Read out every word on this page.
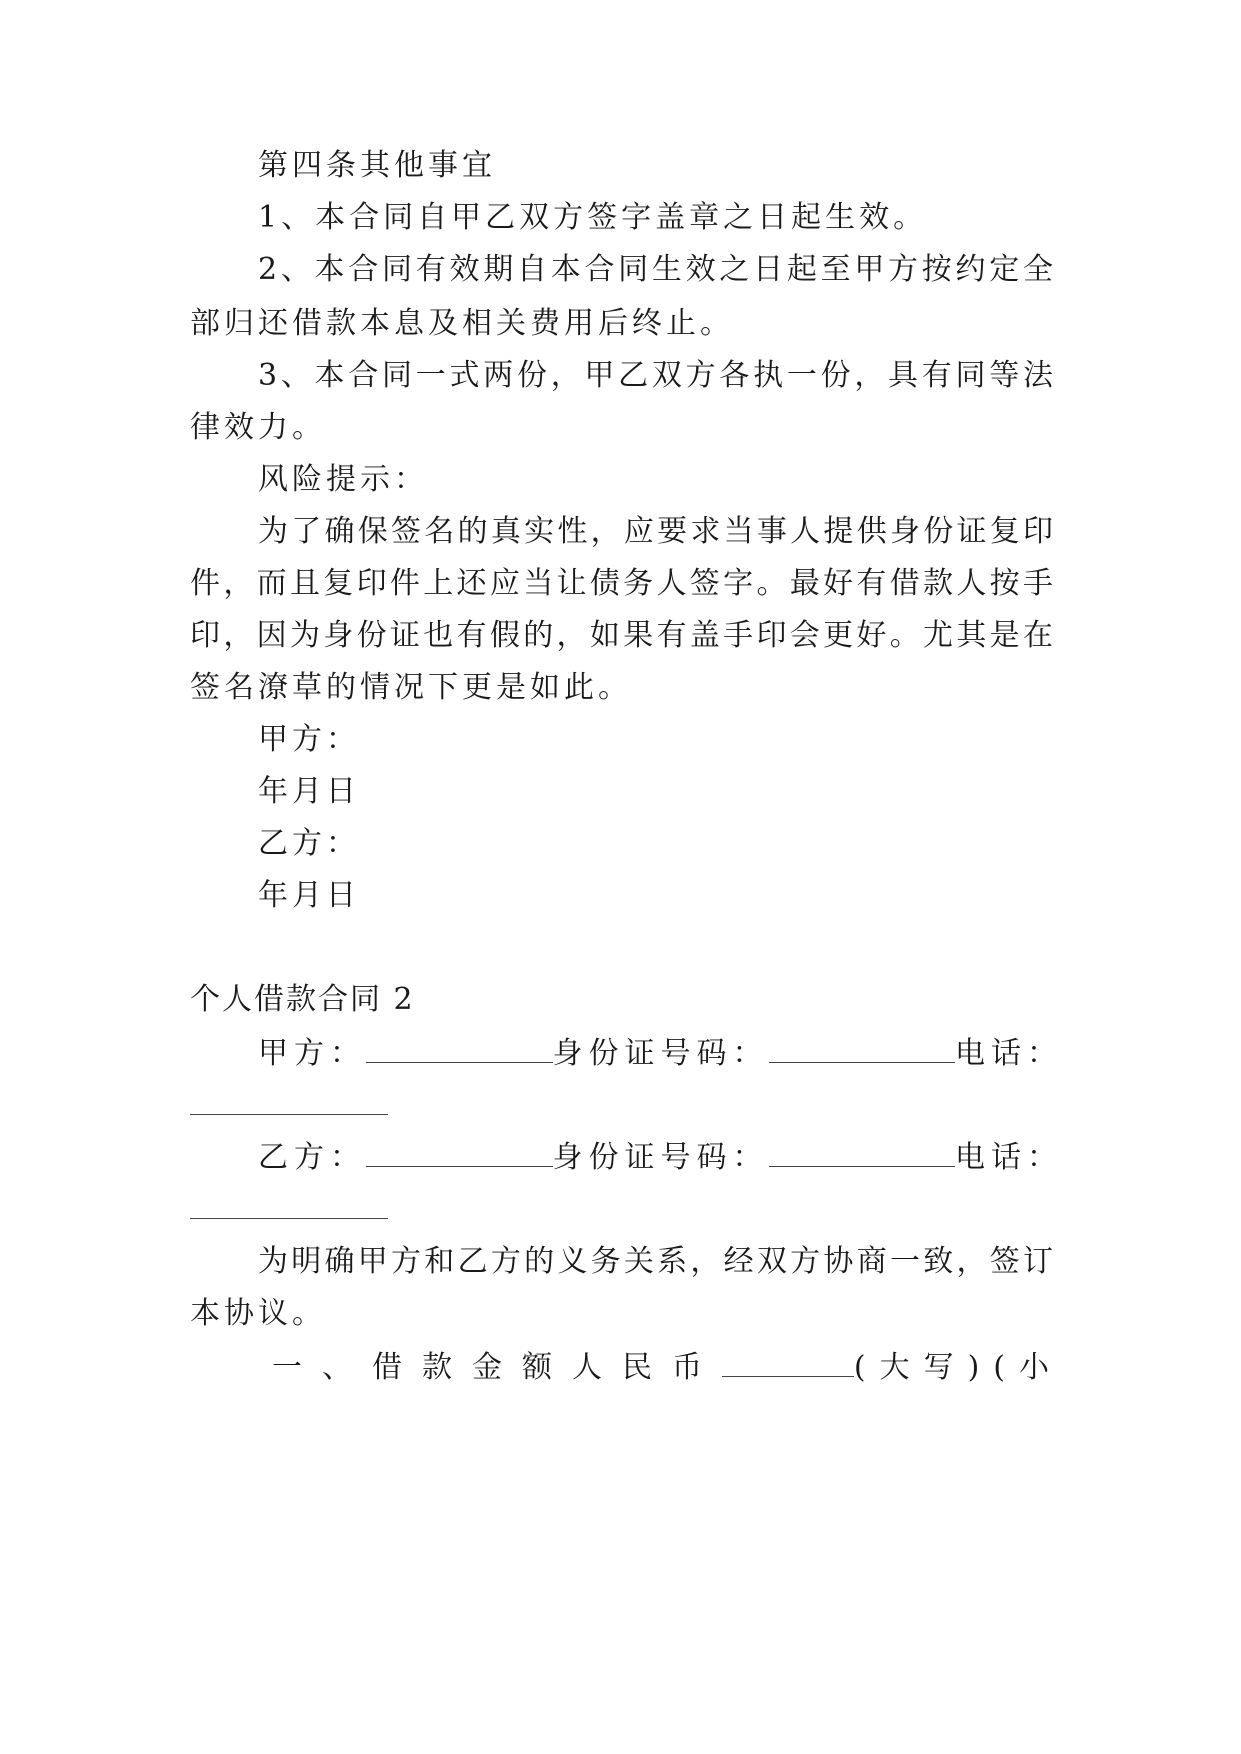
第四条其他事宜
1、本合同自甲乙双方签字盖章之日起生效。
2、本合同有效期自本合同生效之日起至甲方按约定全
部归还借款本息及相关费用后终止。
3、本合同一式两份，甲乙双方各执一份，具有同等法
律效力。
风险提示：
为了确保签名的真实性，应要求当事人提供身份证复印
件，而且复印件上还应当让债务人签字。最好有借款人按手
印，因为身份证也有假的，如果有盖手印会更好。尤其是在
签名潦草的情况下更是如此。
甲方：
年月日
乙方：
年月日
个人借款合同 2
甲方：	身份证号码：	电话：
乙方：	身份证号码：	电话：
为明确甲方和乙方的义务关系，经双方协商一致，签订
本协议。
一、借款金额人民币	(大写)(小
